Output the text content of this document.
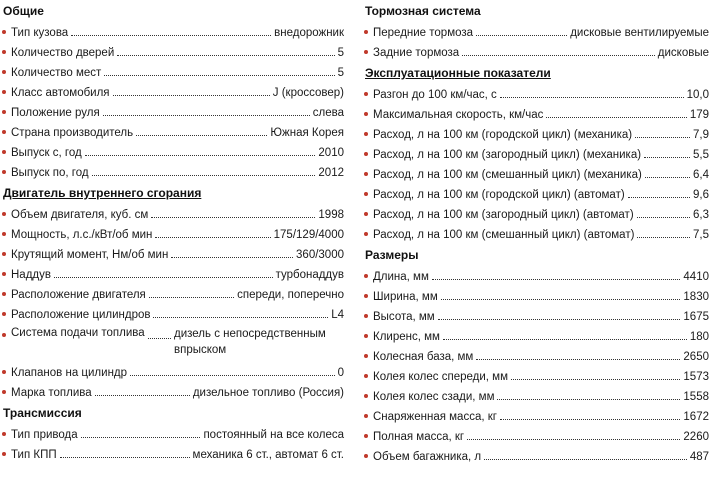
Общие
Тип кузова	внедорожник
Количество дверей	5
Количество мест	5
Класс автомобиля	J (кроссовер)
Положение руля	слева
Страна производитель	Южная Корея
Выпуск с, год	2010
Выпуск по, год	2012
Двигатель внутреннего сгорания
Объем двигателя, куб. см	1998
Мощность, л.с./кВт/об мин	175/129/4000
Крутящий момент, Нм/об мин	360/3000
Наддув	турбонаддув
Расположение двигателя	спереди, поперечно
Расположение цилиндров	L4
Система подачи топлива	дизель с непосредственным впрыском
Клапанов на цилиндр	0
Марка топлива	дизельное топливо (Россия)
Трансмиссия
Тип привода	постоянный на все колеса
Тип КПП	механика 6 ст., автомат 6 ст.
Тормозная система
Передние тормоза	дисковые вентилируемые
Задние тормоза	дисковые
Эксплуатационные показатели
Разгон до 100 км/час, с	10,0
Максимальная скорость, км/час	179
Расход, л на 100 км (городской цикл) (механика)	7,9
Расход, л на 100 км (загородный цикл) (механика)	5,5
Расход, л на 100 км (смешанный цикл) (механика)	6,4
Расход, л на 100 км (городской цикл) (автомат)	9,6
Расход, л на 100 км (загородный цикл) (автомат)	6,3
Расход, л на 100 км (смешанный цикл) (автомат)	7,5
Размеры
Длина, мм	4410
Ширина, мм	1830
Высота, мм	1675
Клиренс, мм	180
Колесная база, мм	2650
Колея колес спереди, мм	1573
Колея колес сзади, мм	1558
Снаряженная масса, кг	1672
Полная масса, кг	2260
Объем багажника, л	487
